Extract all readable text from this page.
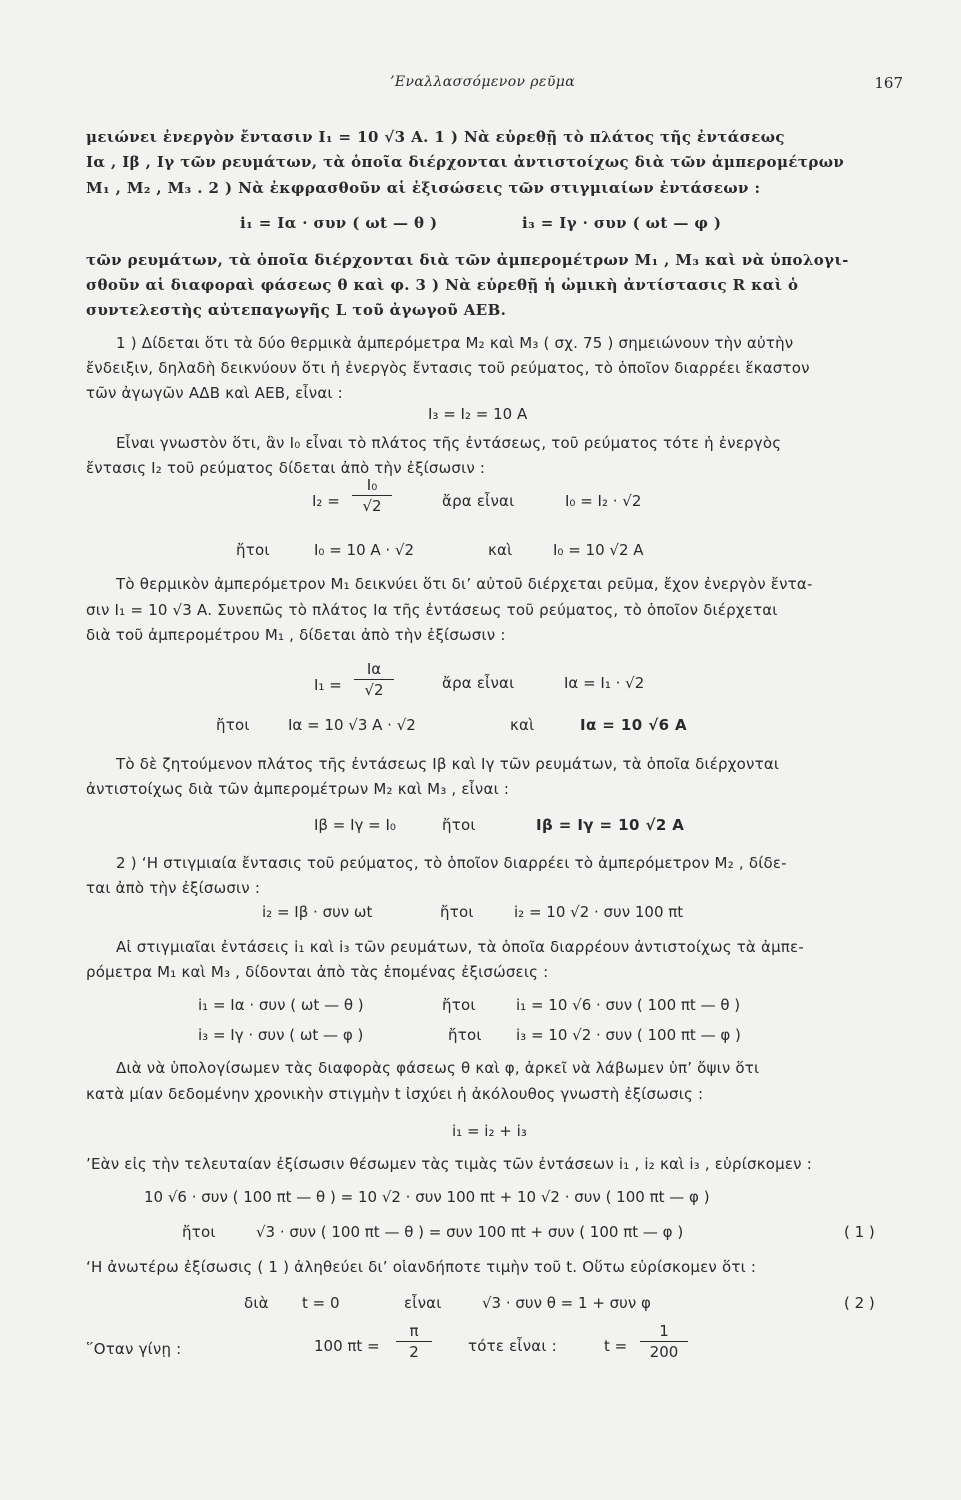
’Εναλλασσόμενον ρεῦμα	167
μειώνει ἐνεργὸν ἔντασιν I₁ = 10 √3 A. 1 ) Νὰ εὑρεθῇ τὸ πλάτος τῆς ἐντάσεως
Iα , Iβ , Iγ τῶν ρευμάτων, τὰ ὁποῖα διέρχονται ἀντιστοίχως διὰ τῶν ἀμπερομέτρων
M₁ , M₂ , M₃ . 2 ) Νὰ ἐκφρασθοῦν αἱ ἐξισώσεις τῶν στιγμιαίων ἐντάσεων :
i₁ = Iα · συν ( ωt — θ )	i₃ = Iγ · συν ( ωt — φ )
τῶν ρευμάτων, τὰ ὁποῖα διέρχονται διὰ τῶν ἀμπερομέτρων M₁ , M₃ καὶ νὰ ὑπολογι-
σθοῦν αἱ διαφοραὶ φάσεως θ καὶ φ. 3 ) Νὰ εὑρεθῇ ἡ ὠμικὴ ἀντίστασις R καὶ ὁ
συντελεστὴς αὐτεπαγωγῆς L τοῦ ἀγωγοῦ AEB.
1 ) Δίδεται ὅτι τὰ δύο θερμικὰ ἀμπερόμετρα M₂ καὶ M₃ ( σχ. 75 ) σημειώνουν τὴν αὐτὴν
ἔνδειξιν, δηλαδὴ δεικνύουν ὅτι ἡ ἐνεργὸς ἔντασις τοῦ ρεύματος, τὸ ὁποῖον διαρρέει ἕκαστον
τῶν ἀγωγῶν ΑΔΒ καὶ ΑΕΒ, εἶναι :
I₃ = I₂ = 10 A
Εἶναι γνωστὸν ὅτι, ἂν I₀ εἶναι τὸ πλάτος τῆς ἐντάσεως, τοῦ ρεύματος τότε ἡ ἐνεργὸς
ἔντασις I₂ τοῦ ρεύματος δίδεται ἀπὸ τὴν ἐξίσωσιν :
$I_2 = \frac{\text{I₀}}{√2}$	ἄρα εἶναι	I₀ = I₂ · √2
ἤτοι	I₀ = 10 A · √2	καὶ	I₀ = 10 √2 A
Τὸ θερμικὸν ἀμπερόμετρον M₁ δεικνύει ὅτι δι’ αὐτοῦ διέρχεται ρεῦμα, ἔχον ἐνεργὸν ἔντα-
σιν I₁ = 10 √3 A. Συνεπῶς τὸ πλάτος Iα τῆς ἐντάσεως τοῦ ρεύματος, τὸ ὁποῖον διέρχεται
διὰ τοῦ ἀμπερομέτρου M₁ , δίδεται ἀπὸ τὴν ἐξίσωσιν :
$I_1 = \frac{I\alpha}{√2}$	ἄρα εἶναι	Iα = I₁ · √2
ἤτοι	Iα = 10 √3 A · √2	καὶ	Iα = 10 √6 A
Τὸ δὲ ζητούμενον πλάτος τῆς ἐντάσεως Iβ καὶ Iγ τῶν ρευμάτων, τὰ ὁποῖα διέρχονται
ἀντιστοίχως διὰ τῶν ἀμπερομέτρων M₂ καὶ M₃ , εἶναι :
Iβ = Iγ = I₀	ἤτοι	Iβ = Iγ = 10 √2 A
2 ) ‘Η στιγμιαία ἔντασις τοῦ ρεύματος, τὸ ὁποῖον διαρρέει τὸ ἀμπερόμετρον M₂ , δίδε-
ται ἀπὸ τὴν ἐξίσωσιν :
i₂ = Iβ · συν ωt	ἤτοι	i₂ = 10 √2 · συν 100 πt
Αἱ στιγμιαῖαι ἐντάσεις i₁ καὶ i₃ τῶν ρευμάτων, τὰ ὁποῖα διαρρέουν ἀντιστοίχως τὰ ἀμπε-
ρόμετρα M₁ καὶ M₃ , δίδονται ἀπὸ τὰς ἑπομένας ἐξισώσεις :
i₁ = Iα · συν ( ωt — θ )	ἤτοι	i₁ = 10 √6 · συν ( 100 πt — θ )
i₃ = Iγ · συν ( ωt — φ )	ἤτοι i₃ = 10 √2 · συν ( 100 πt — φ )
Διὰ νὰ ὑπολογίσωμεν τὰς διαφορὰς φάσεως θ καὶ φ, ἀρκεῖ νὰ λάβωμεν ὑπ’ ὄψιν ὅτι
κατὰ μίαν δεδομένην χρονικὴν στιγμὴν t ἰσχύει ἡ ἀκόλουθος γνωστὴ ἐξίσωσις :
i₁ = i₂ + i₃
’Εὰν εἰς τὴν τελευταίαν ἐξίσωσιν θέσωμεν τὰς τιμὰς τῶν ἐντάσεων i₁ , i₂ καὶ i₃ , εὑρίσκομεν :
10 √6 · συν ( 100 πt — θ ) = 10 √2 · συν 100 πt + 10 √2 · συν ( 100 πt — φ )
ἤτοι	√3 · συν ( 100 πt — θ ) = συν 100 πt + συν ( 100 πt — φ )	( 1 )
‘Η ἀνωτέρω ἐξίσωσις ( 1 ) ἀληθεύει δι’ οἱανδήποτε τιμὴν τοῦ t. Οὕτω εὑρίσκομεν ὅτι :
διὰ t = 0	εἶναι	√3 · συν θ = 1 + συν φ	( 2 )
῞Οταν γίνῃ :	100 $\pi t = \frac{\pi}{2}$ τότε εἶναι :	$t = \frac{1}{200}$
